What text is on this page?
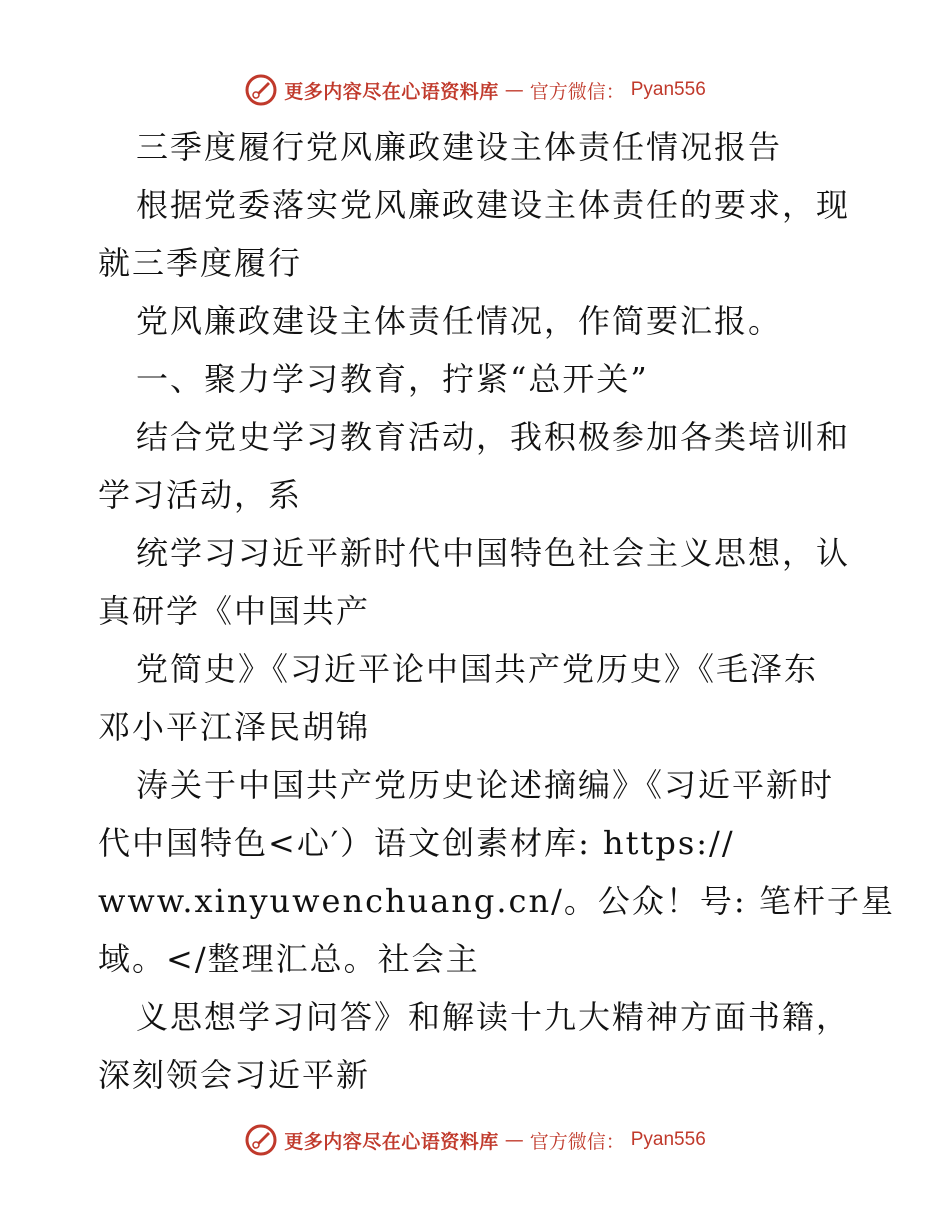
更多内容尽在心语资料库 — 官方微信： Pyan556
三季度履行党风廉政建设主体责任情况报告
根据党委落实党风廉政建设主体责任的要求，现
就三季度履行
党风廉政建设主体责任情况，作简要汇报。
一、聚力学习教育，拧紧“总开关”
结合党史学习教育活动，我积极参加各类培训和
学习活动，系
统学习习近平新时代中国特色社会主义思想，认
真研学《中国共产
党简史》《习近平论中国共产党历史》《毛泽东
邓小平江泽民胡锦
涛关于中国共产党历史论述摘编》《习近平新时
代中国特色<心′）语文创素材库: https://
www.xinyuwenchuang.cn/。公众！号: 笔杆子星
域。</整理汇总。社会主
义思想学习问答》和解读十九大精神方面书籍，
深刻领会习近平新
更多内容尽在心语资料库 — 官方微信： Pyan556
